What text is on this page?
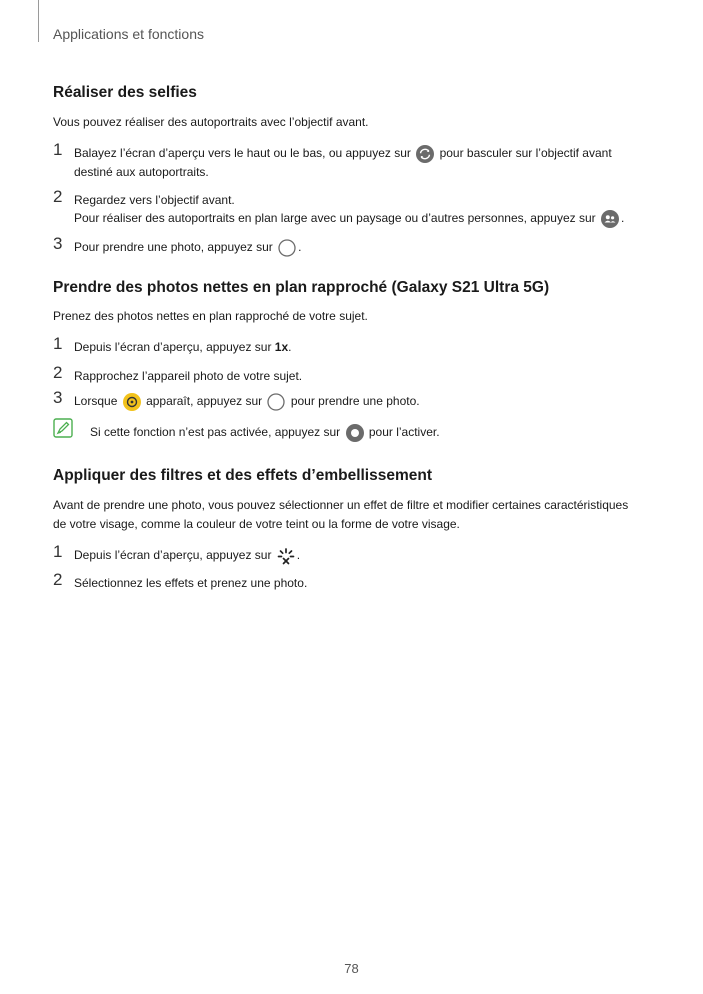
Applications et fonctions
Réaliser des selfies

Vous pouvez réaliser des autoportraits avec l’objectif avant.

1 Balayez l’écran d’aperçu vers le haut ou le bas, ou appuyez sur pour basculer sur l’objectif avant
destiné aux autoportraits.
2 Regardez vers l’objectif avant.
Pour réaliser des autoportraits en plan large avec un paysage ou d’autres personnes, appuyez sur .
3 Pour prendre une photo, appuyez sur .
Prendre des photos nettes en plan rapproché (Galaxy S21 Ultra 5G)

Prenez des photos nettes en plan rapproché de votre sujet.

1 Depuis l’écran d’aperçu, appuyez sur 1x.
2 Rapprochez l’appareil photo de votre sujet.
3 Lorsque apparaît, appuyez sur pour prendre une photo.
Si cette fonction n’est pas activée, appuyez sur pour l’activer.
Appliquer des filtres et des effets d’embellissement

Avant de prendre une photo, vous pouvez sélectionner un effet de filtre et modifier certaines caractéristiques

de votre visage, comme la couleur de votre teint ou la forme de votre visage.

1 Depuis l’écran d’aperçu, appuyez sur .
2 Sélectionnez les effets et prenez une photo.
78
